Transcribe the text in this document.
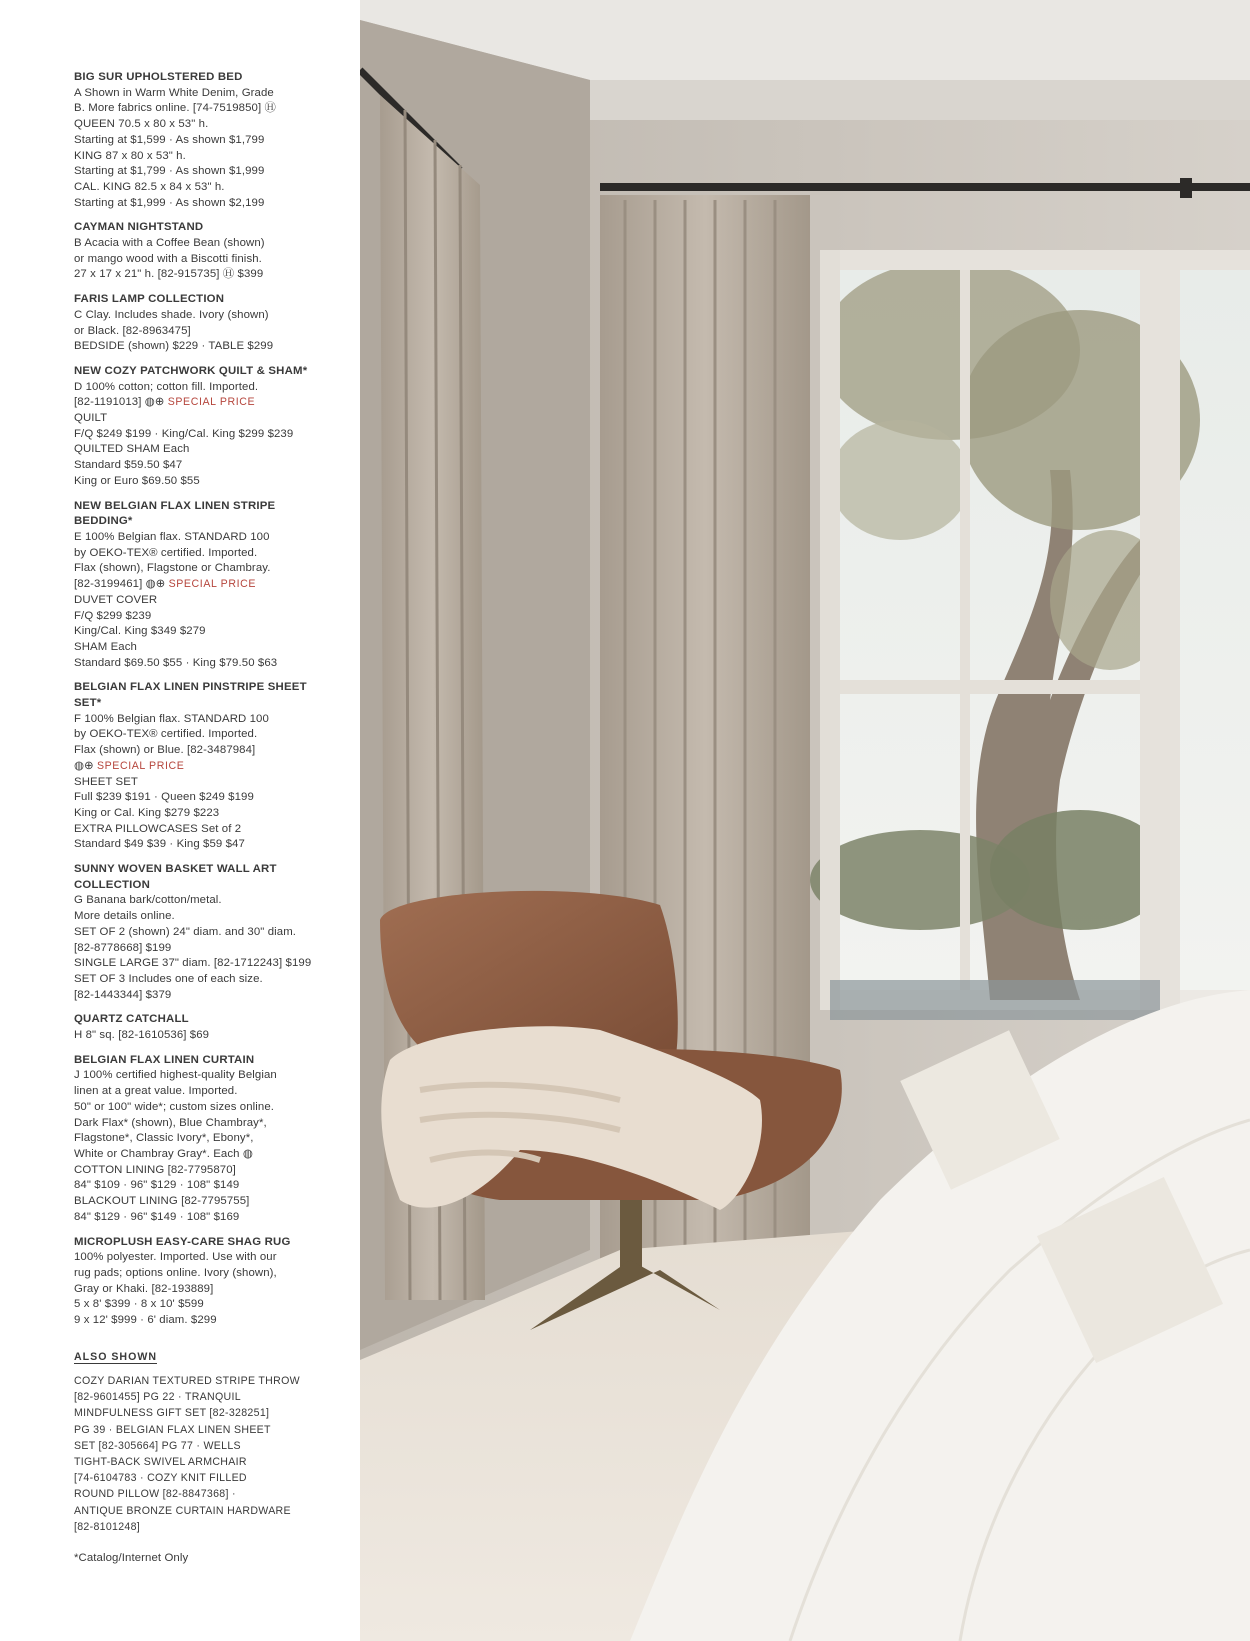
BIG SUR UPHOLSTERED BED
A Shown in Warm White Denim, Grade
B. More fabrics online. [74-7519850] Ⓗ
QUEEN 70.5 x 80 x 53" h.
Starting at $1,599 · As shown $1,799
KING 87 x 80 x 53" h.
Starting at $1,799 · As shown $1,999
CAL. KING 82.5 x 84 x 53" h.
Starting at $1,999 · As shown $2,199
CAYMAN NIGHTSTAND
B Acacia with a Coffee Bean (shown)
or mango wood with a Biscotti finish.
27 x 17 x 21" h. [82-915735] Ⓗ $399
FARIS LAMP COLLECTION
C Clay. Includes shade. Ivory (shown)
or Black. [82-8963475]
BEDSIDE (shown) $229 · TABLE $299
NEW COZY PATCHWORK QUILT & SHAM*
D 100% cotton; cotton fill. Imported.
[82-1191013] ◍⊕ SPECIAL PRICE
QUILT
F/Q $249 $199 · King/Cal. King $299 $239
QUILTED SHAM Each
Standard $59.50 $47
King or Euro $69.50 $55
NEW BELGIAN FLAX LINEN STRIPE BEDDING*
E 100% Belgian flax. STANDARD 100
by OEKO-TEX® certified. Imported.
Flax (shown), Flagstone or Chambray.
[82-3199461] ◍⊕ SPECIAL PRICE
DUVET COVER
F/Q $299 $239
King/Cal. King $349 $279
SHAM Each
Standard $69.50 $55 · King $79.50 $63
BELGIAN FLAX LINEN PINSTRIPE SHEET SET*
F 100% Belgian flax. STANDARD 100
by OEKO-TEX® certified. Imported.
Flax (shown) or Blue. [82-3487984]
◍⊕ SPECIAL PRICE
SHEET SET
Full $239 $191 · Queen $249 $199
King or Cal. King $279 $223
EXTRA PILLOWCASES Set of 2
Standard $49 $39 · King $59 $47
SUNNY WOVEN BASKET WALL ART COLLECTION
G Banana bark/cotton/metal.
More details online.
SET OF 2 (shown) 24" diam. and 30" diam.
[82-8778668] $199
SINGLE LARGE 37" diam. [82-1712243] $199
SET OF 3 Includes one of each size.
[82-1443344] $379
QUARTZ CATCHALL
H 8" sq. [82-1610536] $69
BELGIAN FLAX LINEN CURTAIN
J 100% certified highest-quality Belgian
linen at a great value. Imported.
50" or 100" wide*; custom sizes online.
Dark Flax* (shown), Blue Chambray*,
Flagstone*, Classic Ivory*, Ebony*,
White or Chambray Gray*. Each ◍
COTTON LINING [82-7795870]
84" $109 · 96" $129 · 108" $149
BLACKOUT LINING [82-7795755]
84" $129 · 96" $149 · 108" $169
MICROPLUSH EASY-CARE SHAG RUG
100% polyester. Imported. Use with our
rug pads; options online. Ivory (shown),
Gray or Khaki. [82-193889]
5 x 8' $399 · 8 x 10' $599
9 x 12' $999 · 6' diam. $299
ALSO SHOWN
COZY DARIAN TEXTURED STRIPE THROW
[82-9601455] PG 22 · TRANQUIL
MINDFULNESS GIFT SET [82-328251]
PG 39 · BELGIAN FLAX LINEN SHEET
SET [82-305664] PG 77 · WELLS
TIGHT-BACK SWIVEL ARMCHAIR
[74-6104783 · COZY KNIT FILLED
ROUND PILLOW [82-8847368] ·
ANTIQUE BRONZE CURTAIN HARDWARE
[82-8101248]
*Catalog/Internet Only
